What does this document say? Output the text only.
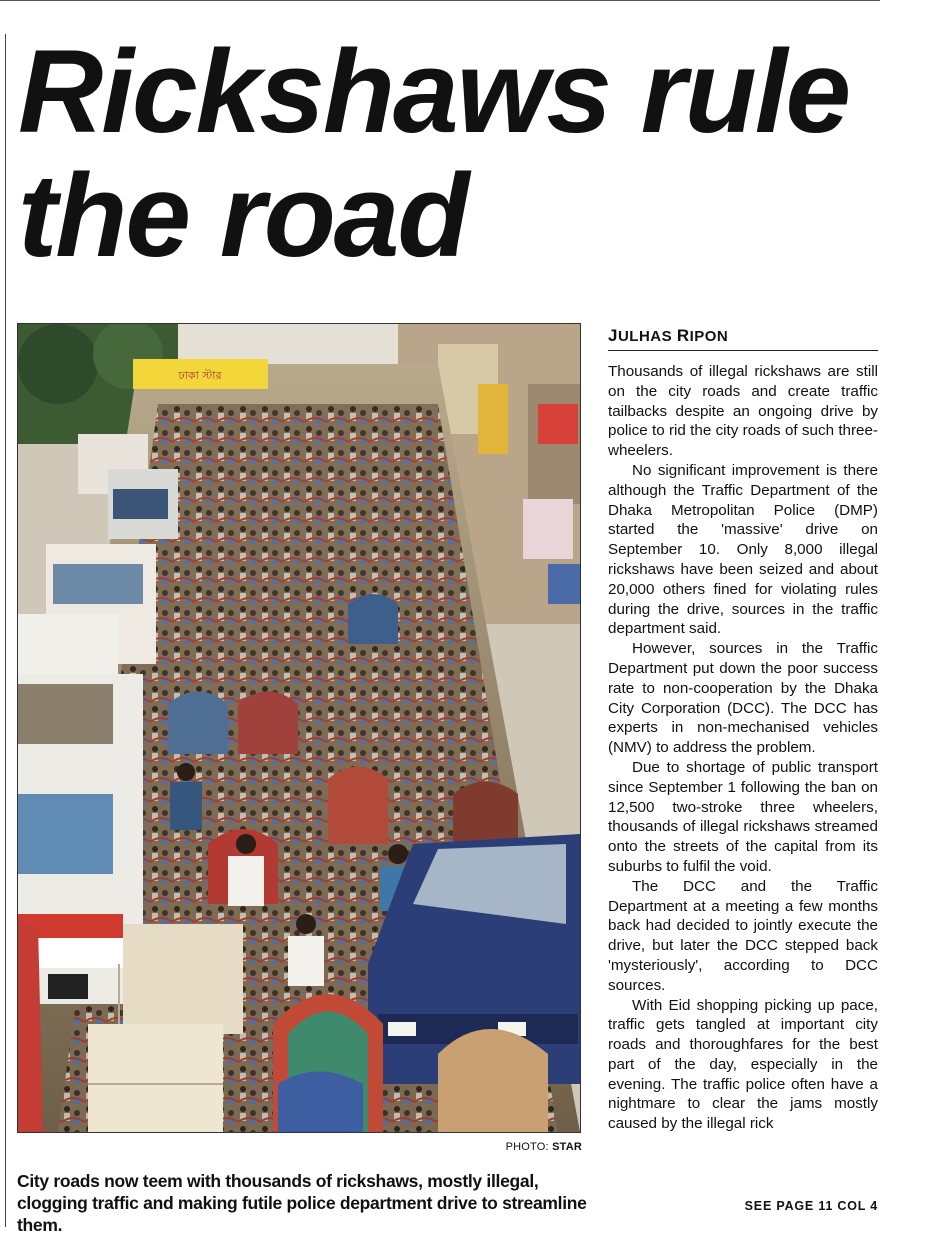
Rickshaws rule
the road
ঢাকা স্টার
PHOTO: STAR
City roads now teem with thousands of rickshaws, mostly illegal, clogging traffic and making futile police department drive to streamline them.
JULHAS RIPON

Thousands of illegal rickshaws are still on the city roads and create traffic tailbacks despite an ongoing drive by police to rid the city roads of such three-wheelers.

No significant improvement is there although the Traffic Department of the Dhaka Metropolitan Police (DMP) started the 'massive' drive on September 10. Only 8,000 illegal rickshaws have been seized and about 20,000 others fined for violating rules during the drive, sources in the traffic department said.

However, sources in the Traffic Department put down the poor success rate to non-cooperation by the Dhaka City Corporation (DCC). The DCC has experts in non-mechanised vehicles (NMV) to address the problem.

Due to shortage of public transport since September 1 following the ban on 12,500 two-stroke three wheelers, thousands of illegal rickshaws streamed onto the streets of the capital from its suburbs to fulfil the void.

The DCC and the Traffic Department at a meeting a few months back had decided to jointly execute the drive, but later the DCC stepped back 'mysteriously', according to DCC sources.

With Eid shopping picking up pace, traffic gets tangled at important city roads and thoroughfares for the best part of the day, especially in the evening. The traffic police often have a nightmare to clear the jams mostly caused by the illegal rick

SEE PAGE 11 COL 4
